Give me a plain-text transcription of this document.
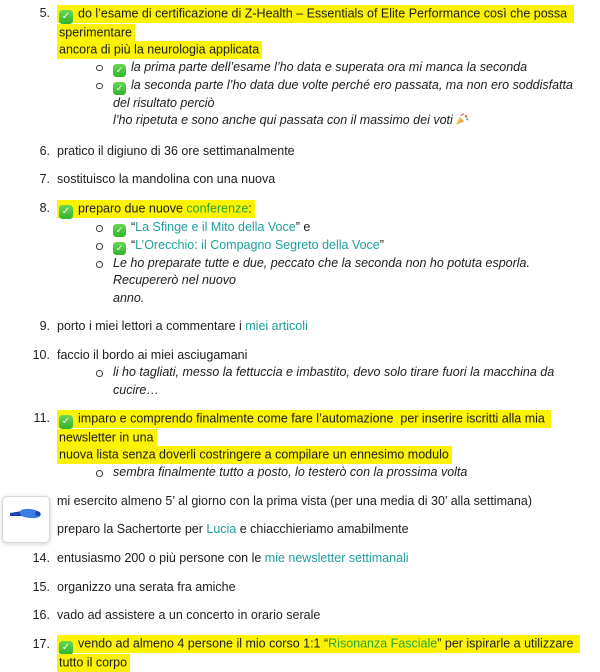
5.	✓ do l’esame di certificazione di Z-Health – Essentials of Elite Performance così che possa sperimentare
ancora di più la neurologia applicata
✓ la prima parte dell’esame l’ho data e superata ora mi manca la seconda
✓ la seconda parte l’ho data due volte perché ero passata, ma non ero soddisfatta del risultato perciò
l’ho ripetuta e sono anche qui passata con il massimo dei voti
6. pratico il digiuno di 36 ore settimanalmente
7. sostituisco la mandolina con una nuova
8.	✓ preparo due nuove conferenze:
✓ “La Sfinge e il Mito della Voce” e
✓ “L’Orecchio: il Compagno Segreto della Voce”
Le ho preparate tutte e due, peccato che la seconda non ho potuta esporla. Recupererò nel nuovo
anno.
9. porto i miei lettori a commentare i miei articoli
10. faccio il bordo ai miei asciugamani
li ho tagliati, messo la fettuccia e imbastito, devo solo tirare fuori la macchina da cucire…
11.	✓ imparo e comprendo finalmente come fare l’automazione  per inserire iscritti alla mia newsletter in una
nuova lista senza doverli costringere a compilare un ennesimo modulo
sembra finalmente tutto a posto, lo testerò con la prossima volta
mi esercito almeno 5’ al giorno con la prima vista (per una media di 30’ alla settimana)
preparo la Sachertorte per Lucia e chiacchieriamo amabilmente
14. entusiasmo 200 o più persone con le mie newsletter settimanali
15. organizzo una serata fra amiche
16. vado ad assistere a un concerto in orario serale
17.	✓ vendo ad almeno 4 persone il mio corso 1:1 “Risonanza Fasciale” per ispirarle a utilizzare tutto il corpo
